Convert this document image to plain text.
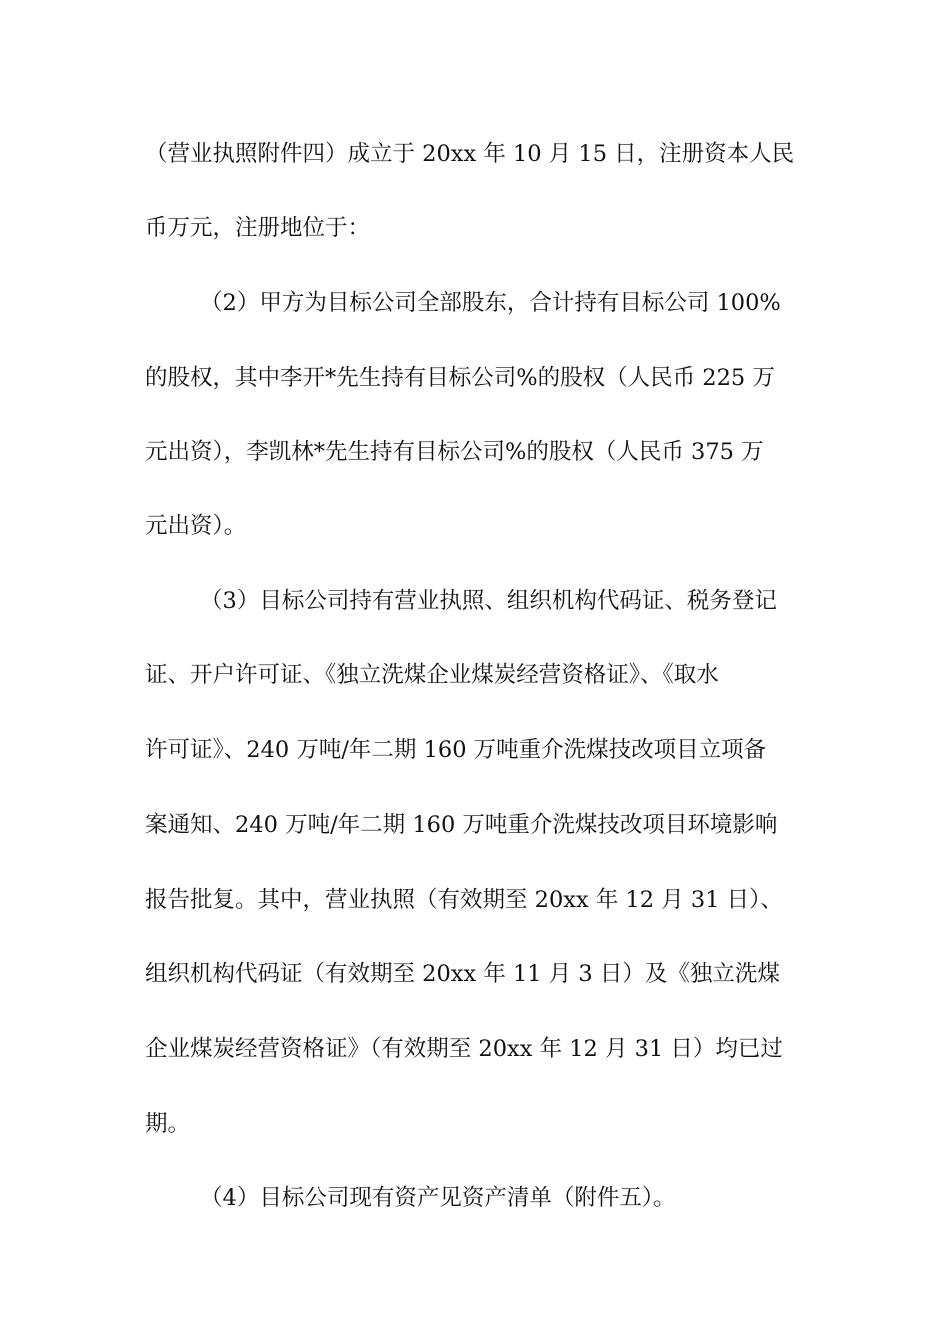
（营业执照附件四）成立于 20xx 年 10 月 15 日，注册资本人民
币万元，注册地位于：
（2）甲方为目标公司全部股东，合计持有目标公司 100%
的股权，其中李开*先生持有目标公司%的股权（人民币 225 万
元出资），李凯林*先生持有目标公司%的股权（人民币 375 万
元出资）。
（3）目标公司持有营业执照、组织机构代码证、税务登记
证、开户许可证、《独立洗煤企业煤炭经营资格证》、《取水
许可证》、240 万吨/年二期 160 万吨重介洗煤技改项目立项备
案通知、240 万吨/年二期 160 万吨重介洗煤技改项目环境影响
报告批复。其中，营业执照（有效期至 20xx 年 12 月 31 日）、
组织机构代码证（有效期至 20xx 年 11 月 3 日）及《独立洗煤
企业煤炭经营资格证》（有效期至 20xx 年 12 月 31 日）均已过
期。
（4）目标公司现有资产见资产清单（附件五）。
